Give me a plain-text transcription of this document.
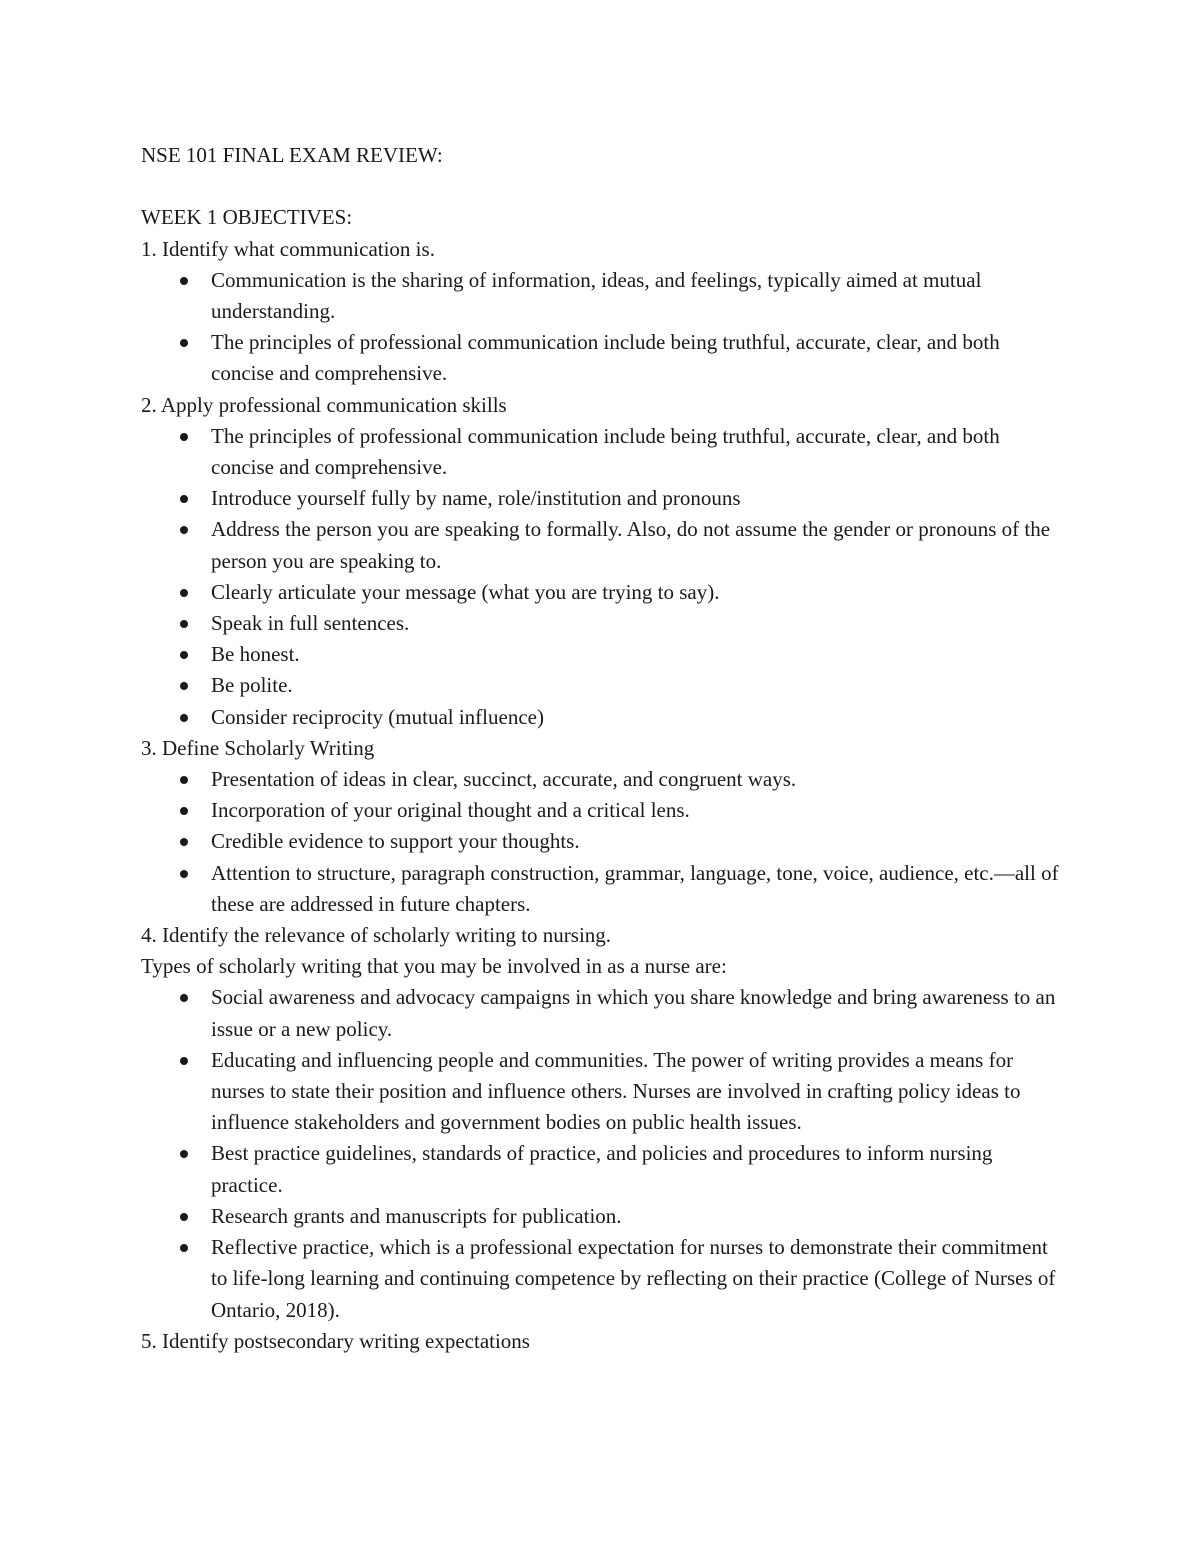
NSE 101 FINAL EXAM REVIEW:

WEEK 1 OBJECTIVES:

1. Identify what communication is.

Communication is the sharing of information, ideas, and feelings, typically aimed at mutual understanding.
The principles of professional communication include being truthful, accurate, clear, and both concise and comprehensive.

2. Apply professional communication skills

The principles of professional communication include being truthful, accurate, clear, and both concise and comprehensive.
Introduce yourself fully by name, role/institution and pronouns
Address the person you are speaking to formally. Also, do not assume the gender or pronouns of the person you are speaking to.
Clearly articulate your message (what you are trying to say).
Speak in full sentences.
Be honest.
Be polite.
Consider reciprocity (mutual influence)

3. Define Scholarly Writing

Presentation of ideas in clear, succinct, accurate, and congruent ways.
Incorporation of your original thought and a critical lens.
Credible evidence to support your thoughts.
Attention to structure, paragraph construction, grammar, language, tone, voice, audience, etc.—all of these are addressed in future chapters.

4. Identify the relevance of scholarly writing to nursing.

Types of scholarly writing that you may be involved in as a nurse are:

Social awareness and advocacy campaigns in which you share knowledge and bring awareness to an issue or a new policy.
Educating and influencing people and communities. The power of writing provides a means for nurses to state their position and influence others. Nurses are involved in crafting policy ideas to influence stakeholders and government bodies on public health issues.
Best practice guidelines, standards of practice, and policies and procedures to inform nursing practice.
Research grants and manuscripts for publication.
Reflective practice, which is a professional expectation for nurses to demonstrate their commitment to life-long learning and continuing competence by reflecting on their practice (College of Nurses of Ontario, 2018).

5. Identify postsecondary writing expectations
